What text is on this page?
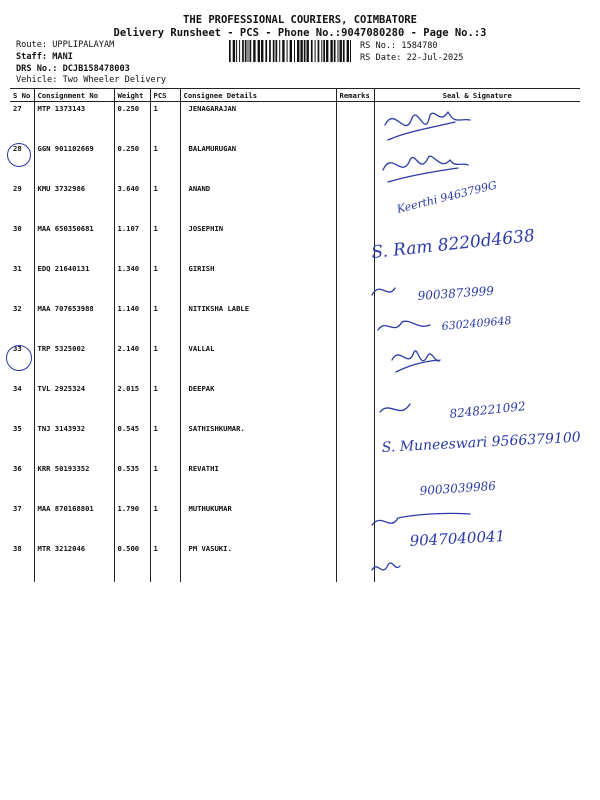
THE PROFESSIONAL COURIERS, COIMBATORE
Delivery Runsheet - PCS - Phone No.:9047080280 - Page No.:3
Route: UPPLIPALAYAM
Staff: MANI
DRS No.: DCJB158478003
Vehicle: Two Wheeler Delivery
RS No.: 1584780
RS Date: 22-Jul-2025
S No	Consignment No	Weight	PCS	Consignee Details	Remarks	Seal & Signature
27	MTP 1373143	0.250	1	JENAGARAJAN		
28	GGN 901102669	0.250	1	BALAMURUGAN		
29	KMU 3732986	3.640	1	ANAND		
30	MAA 650350681	1.107	1	JOSEPHIN		
31	EDQ 21640131	1.340	1	GIRISH		
32	MAA 707653988	1.140	1	NITIKSHA LABLE		
33	TRP 5325002	2.140	1	VALLAL		
34	TVL 2925324	2.015	1	DEEPAK		
35	TNJ 3143932	0.545	1	SATHISHKUMAR.		
36	KRR 50193352	0.535	1	REVATHI		
37	MAA 870168801	1.790	1	MUTHUKUMAR		
38	MTR 3212046	0.500	1	PM VASUKI.		
Keerthi 9463799G
S. Ram 8220d4638
9003873999
6302409648
8248221092
S. Muneeswari 9566379100
9003039986
9047040041
